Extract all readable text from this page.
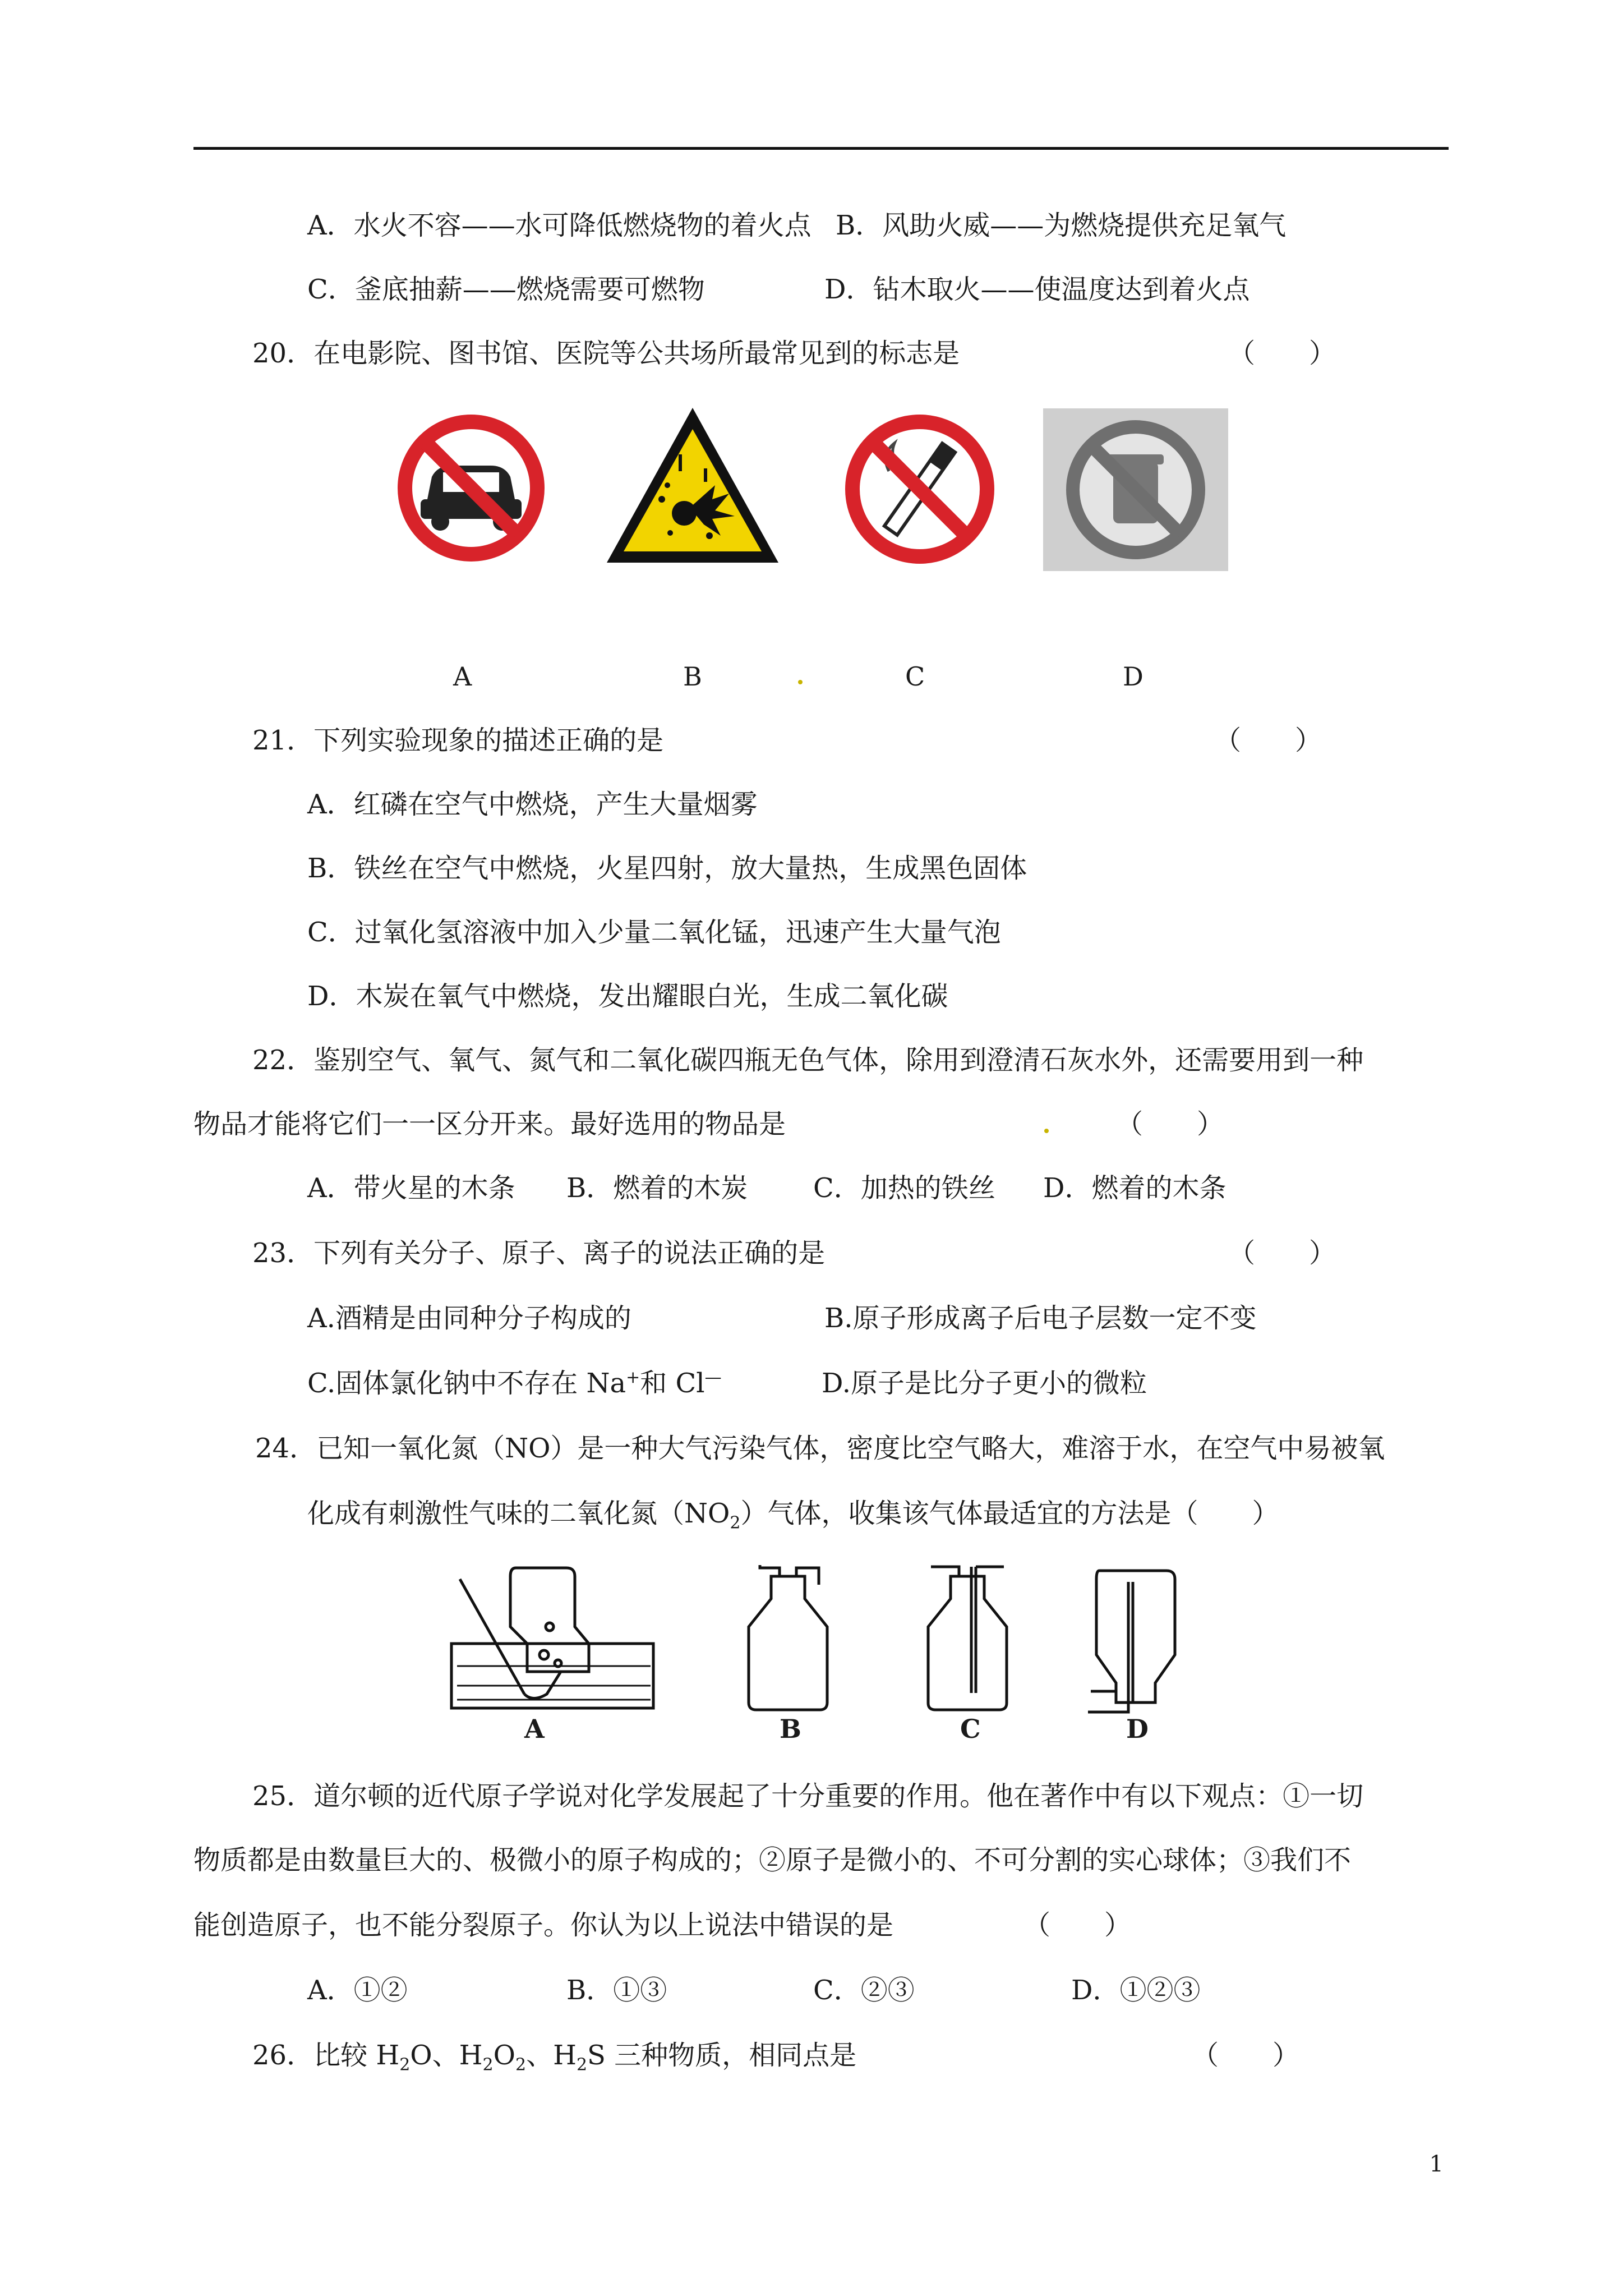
A．水火不容——水可降低燃烧物的着火点 B．风助火威——为燃烧提供充足氧气
C．釜底抽薪——燃烧需要可燃物	D．钻木取火——使温度达到着火点
20．在电影院、图书馆、医院等公共场所最常见到的标志是	（　　）
A	B	C	D
21．下列实验现象的描述正确的是	（　　）
A．红磷在空气中燃烧，产生大量烟雾
B．铁丝在空气中燃烧，火星四射，放大量热，生成黑色固体
C．过氧化氢溶液中加入少量二氧化锰，迅速产生大量气泡
D．木炭在氧气中燃烧，发出耀眼白光，生成二氧化碳
22．鉴别空气、氧气、氮气和二氧化碳四瓶无色气体，除用到澄清石灰水外，还需要用到一种
物品才能将它们一一区分开来。最好选用的物品是	（　　）
A．带火星的木条 B．燃着的木炭 C．加热的铁丝 D．燃着的木条
23．下列有关分子、原子、离子的说法正确的是	（　　）
A.酒精是由同种分子构成的	B.原子形成离子后电子层数一定不变
C.固体氯化钠中不存在 Na+和 Cl—	D.原子是比分子更小的微粒
24．已知一氧化氮（NO）是一种大气污染气体，密度比空气略大，难溶于水，在空气中易被氧
化成有刺激性气味的二氧化氮$(NO_2)$气体，收集该气体最适宜的方法是（　　）
A	B	C	D
25．道尔顿的近代原子学说对化学发展起了十分重要的作用。他在著作中有以下观点：①一切
物质都是由数量巨大的、极微小的原子构成的；②原子是微小的、不可分割的实心球体；③我们不
能创造原子，也不能分裂原子。你认为以上说法中错误的是	（　　）
A．①②	B．①③	C．②③	D．①②③
26．比较 $H_2O$、$H_2O_2$、$H_2S$ 三种物质，相同点是	（　　）
1
